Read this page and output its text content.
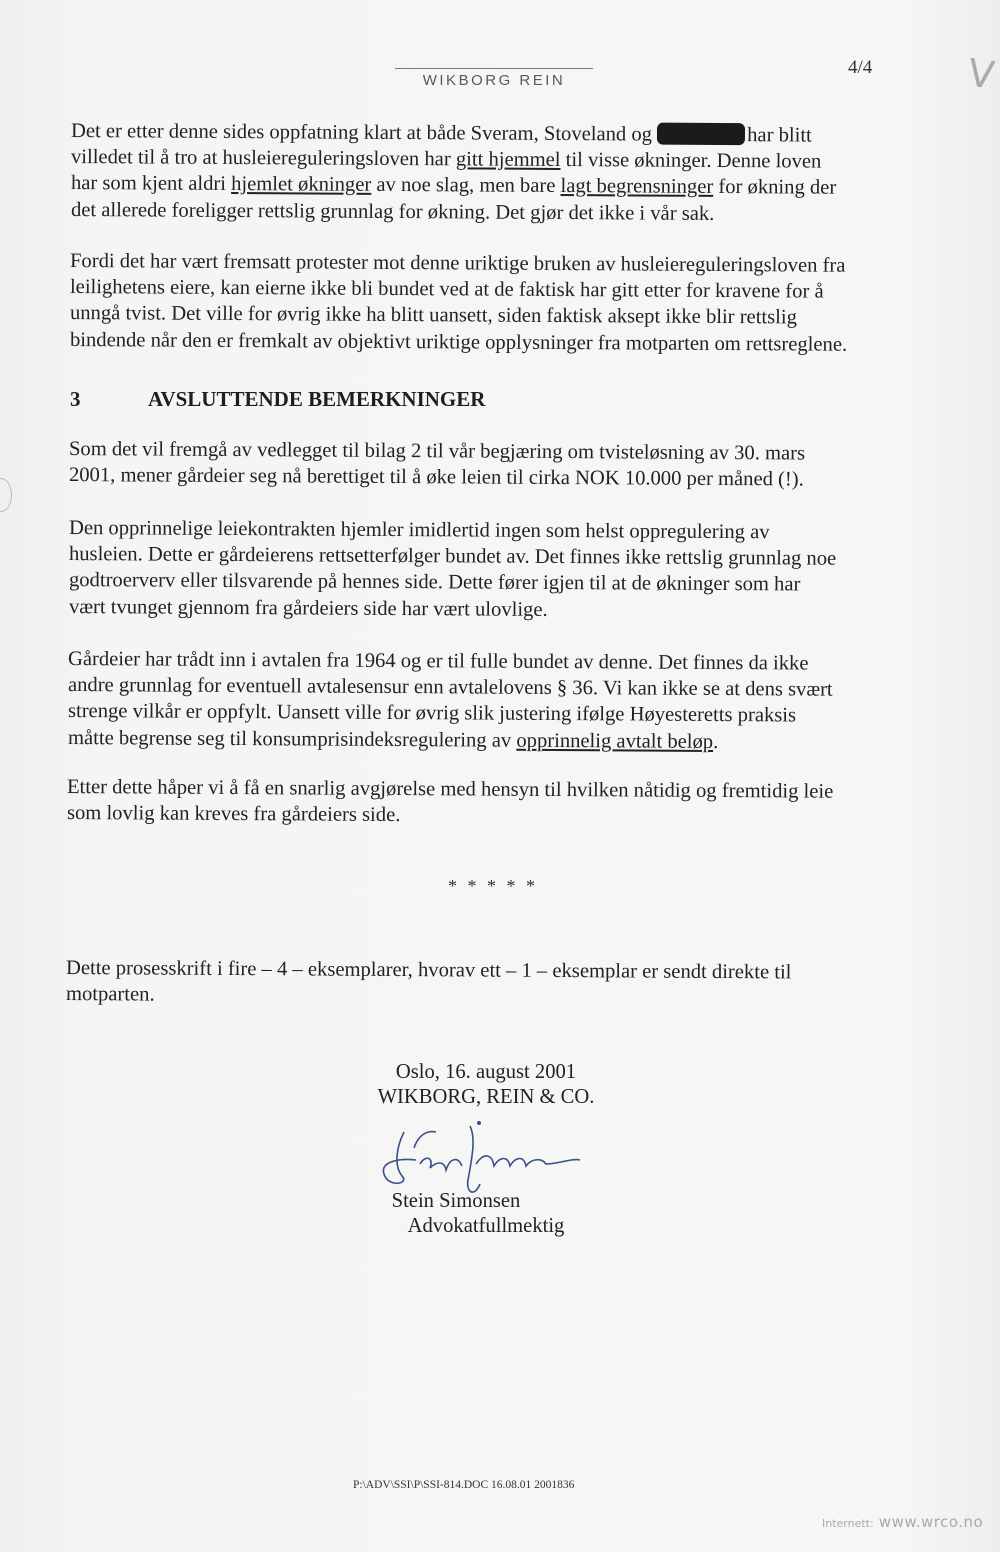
WIKBORG REIN
4/4 V
Det er etter denne sides oppfatning klart at både Sveram, Stoveland og	har blitt
villedet til å tro at husleiereguleringsloven har gitt hjemmel til visse økninger. Denne loven
har som kjent aldri hjemlet økninger av noe slag, men bare lagt begrensninger for økning der
det allerede foreligger rettslig grunnlag for økning. Det gjør det ikke i vår sak.
Fordi det har vært fremsatt protester mot denne uriktige bruken av husleiereguleringsloven fra
leilighetens eiere, kan eierne ikke bli bundet ved at de faktisk har gitt etter for kravene for å
unngå tvist. Det ville for øvrig ikke ha blitt uansett, siden faktisk aksept ikke blir rettslig
bindende når den er fremkalt av objektivt uriktige opplysninger fra motparten om rettsreglene.
3	AVSLUTTENDE BEMERKNINGER
Som det vil fremgå av vedlegget til bilag 2 til vår begjæring om tvisteløsning av 30. mars
2001, mener gårdeier seg nå berettiget til å øke leien til cirka NOK 10.000 per måned (!).
Den opprinnelige leiekontrakten hjemler imidlertid ingen som helst oppregulering av
husleien. Dette er gårdeierens rettsetterfølger bundet av. Det finnes ikke rettslig grunnlag noe
godtroerverv eller tilsvarende på hennes side. Dette fører igjen til at de økninger som har
vært tvunget gjennom fra gårdeiers side har vært ulovlige.
Gårdeier har trådt inn i avtalen fra 1964 og er til fulle bundet av denne. Det finnes da ikke
andre grunnlag for eventuell avtalesensur enn avtalelovens § 36. Vi kan ikke se at dens svært
strenge vilkår er oppfylt. Uansett ville for øvrig slik justering ifølge Høyesteretts praksis
måtte begrense seg til konsumprisindeksregulering av opprinnelig avtalt beløp.
Etter dette håper vi å få en snarlig avgjørelse med hensyn til hvilken nåtidig og fremtidig leie
som lovlig kan kreves fra gårdeiers side.
* * * * *
Dette prosesskrift i fire – 4 – eksemplarer, hvorav ett – 1 – eksemplar er sendt direkte til
motparten.
Oslo, 16. august 2001
WIKBORG, REIN & CO.
Stein Simonsen
Advokatfullmektig
P:\ADV\SSI\P\SSI-814.DOC 16.08.01 2001836
Internett: www.wrco.no
